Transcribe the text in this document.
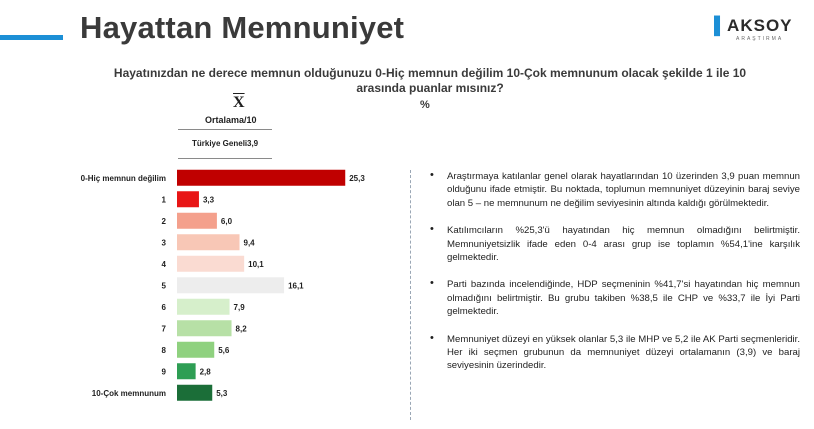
Hayattan Memnuniyet	▌AKSOY
ARAŞTIRMA

Hayatınızdan ne derece memnun olduğunuzu 0-Hiç memnun değilim 10-Çok memnunum olacak şekilde 1 ile 10 arasında puanlar mısınız?

%
$\overline{X}$
Ortalama/10
Türkiye Geneli 3,9
0-Hiç memnun değilim	25,3
1	3,3
2	6,0
3	9,4
4	10,1
5	16,1
6	7,9
7	8,2
8	5,6
9	2,8
10-Çok memnunum	5,3
• Araştırmaya katılanlar genel olarak hayatlarından 10 üzerinden 3,9 puan memnun olduğunu ifade etmiştir. Bu noktada, toplumun memnuniyet düzeyinin baraj seviye olan 5 – ne memnunum ne değilim seviyesinin altında kaldığı görülmektedir.
• Katılımcıların %25,3'ü hayatından hiç memnun olmadığını belirtmiştir. Memnuniyetsizlik ifade eden 0-4 arası grup ise toplamın %54,1'ine karşılık gelmektedir.
• Parti bazında incelendiğinde, HDP seçmeninin %41,7'si hayatından hiç memnun olmadığını belirtmiştir. Bu grubu takiben %38,5 ile CHP ve %33,7 ile İyi Parti gelmektedir.
• Memnuniyet düzeyi en yüksek olanlar 5,3 ile MHP ve 5,2 ile AK Parti seçmenleridir. Her iki seçmen grubunun da memnuniyet düzeyi ortalamanın (3,9) ve baraj seviyesinin üzerindedir.
